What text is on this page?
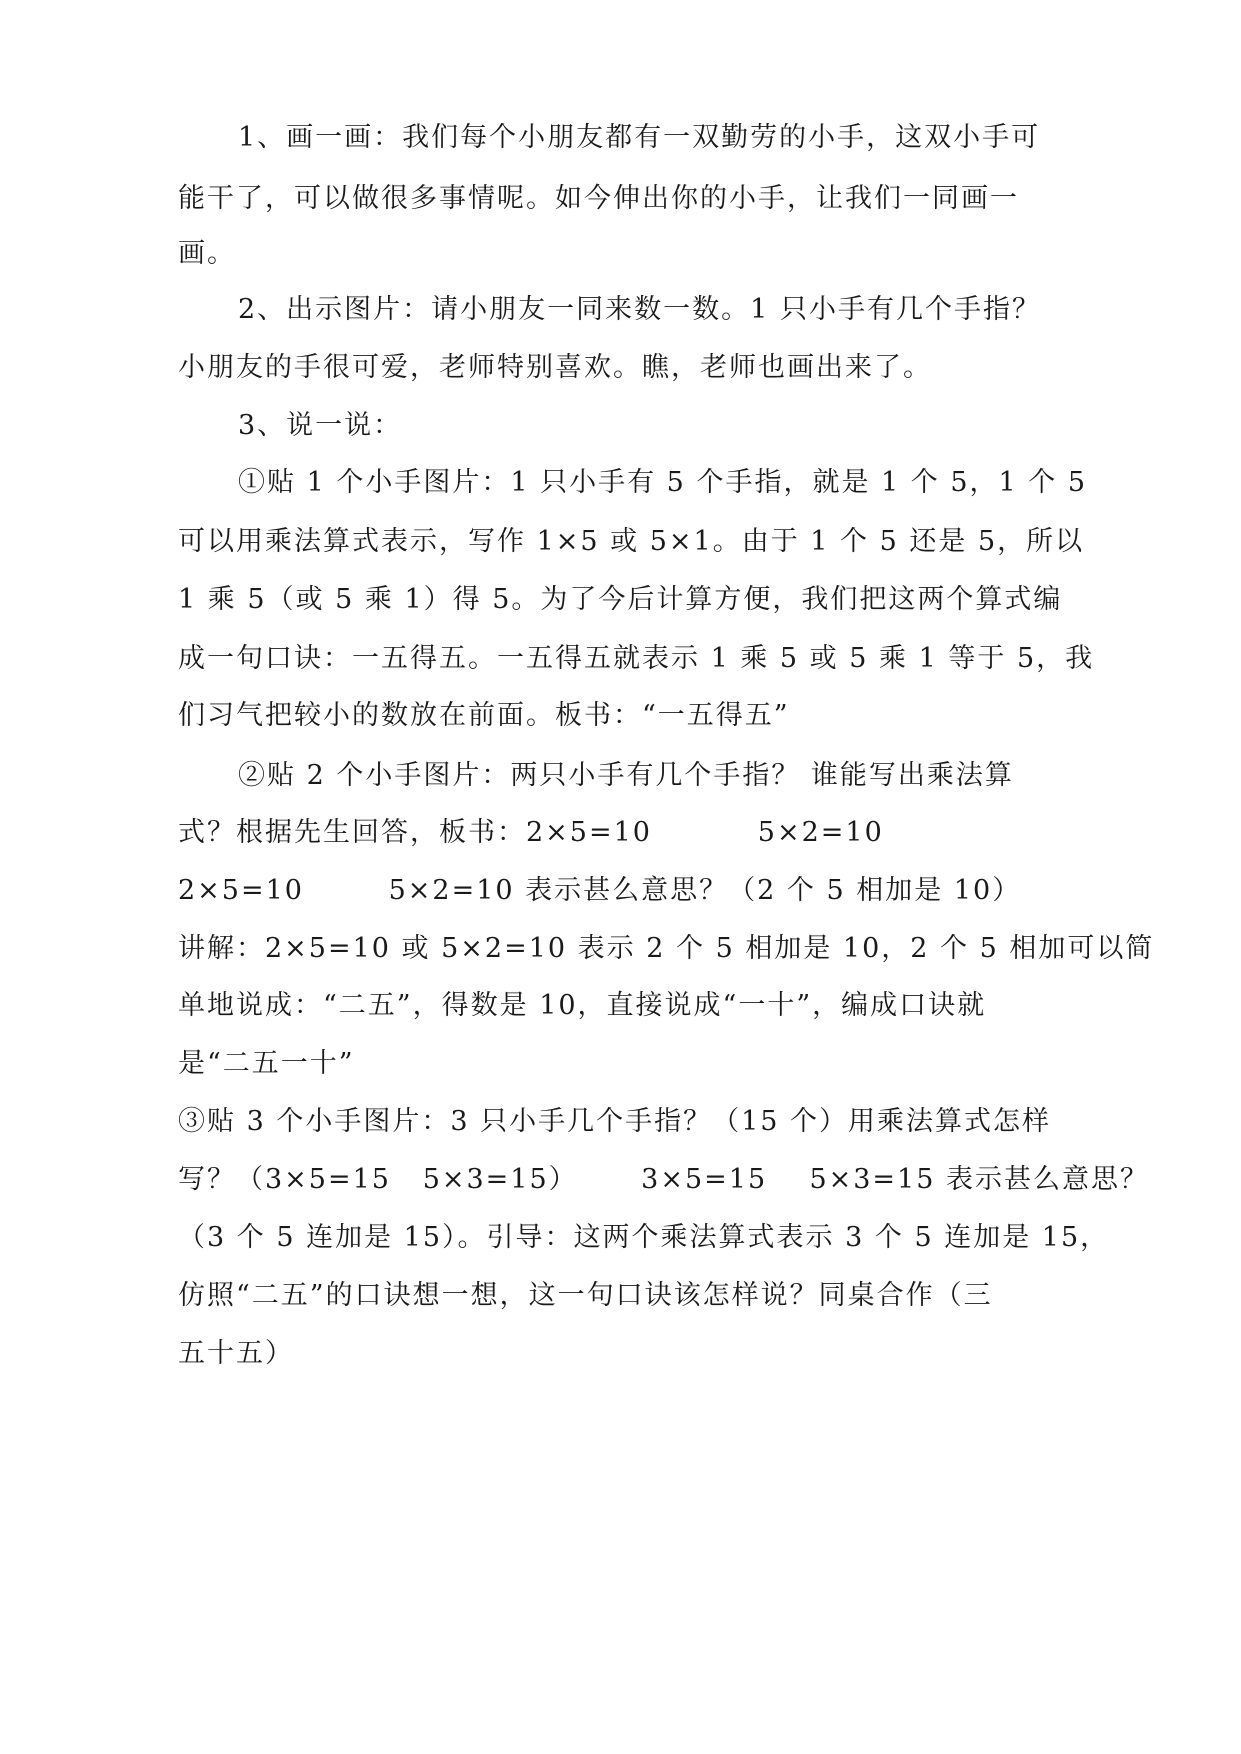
1、画一画：我们每个小朋友都有一双勤劳的小手，这双小手可
能干了，可以做很多事情呢。如今伸出你的小手，让我们一同画一
画。
2、出示图片：请小朋友一同来数一数。1 只小手有几个手指？
小朋友的手很可爱，老师特别喜欢。瞧，老师也画出来了。
3、说一说：
①贴 1 个小手图片：1 只小手有 5 个手指，就是 1 个 5，1 个 5
可以用乘法算式表示，写作 1×5 或 5×1。由于 1 个 5 还是 5，所以
1 乘 5（或 5 乘 1）得 5。为了今后计算方便，我们把这两个算式编
成一句口诀：一五得五。一五得五就表示 1 乘 5 或 5 乘 1 等于 5，我
们习气把较小的数放在前面。板书：“一五得五”
②贴 2 个小手图片：两只小手有几个手指？ 谁能写出乘法算
式？根据先生回答，板书：2×5=10          5×2=10
2×5=10        5×2=10 表示甚么意思？（2 个 5 相加是 10）
讲解：2×5=10 或 5×2=10 表示 2 个 5 相加是 10，2 个 5 相加可以简
单地说成：“二五”，得数是 10，直接说成“一十”，编成口诀就
是“二五一十”
③贴 3 个小手图片：3 只小手几个手指？（15 个）用乘法算式怎样
写？（3×5=15   5×3=15）      3×5=15    5×3=15 表示甚么意思？
（3 个 5 连加是 15）。引导：这两个乘法算式表示 3 个 5 连加是 15，
仿照“二五”的口诀想一想，这一句口诀该怎样说？同桌合作（三
五十五）
